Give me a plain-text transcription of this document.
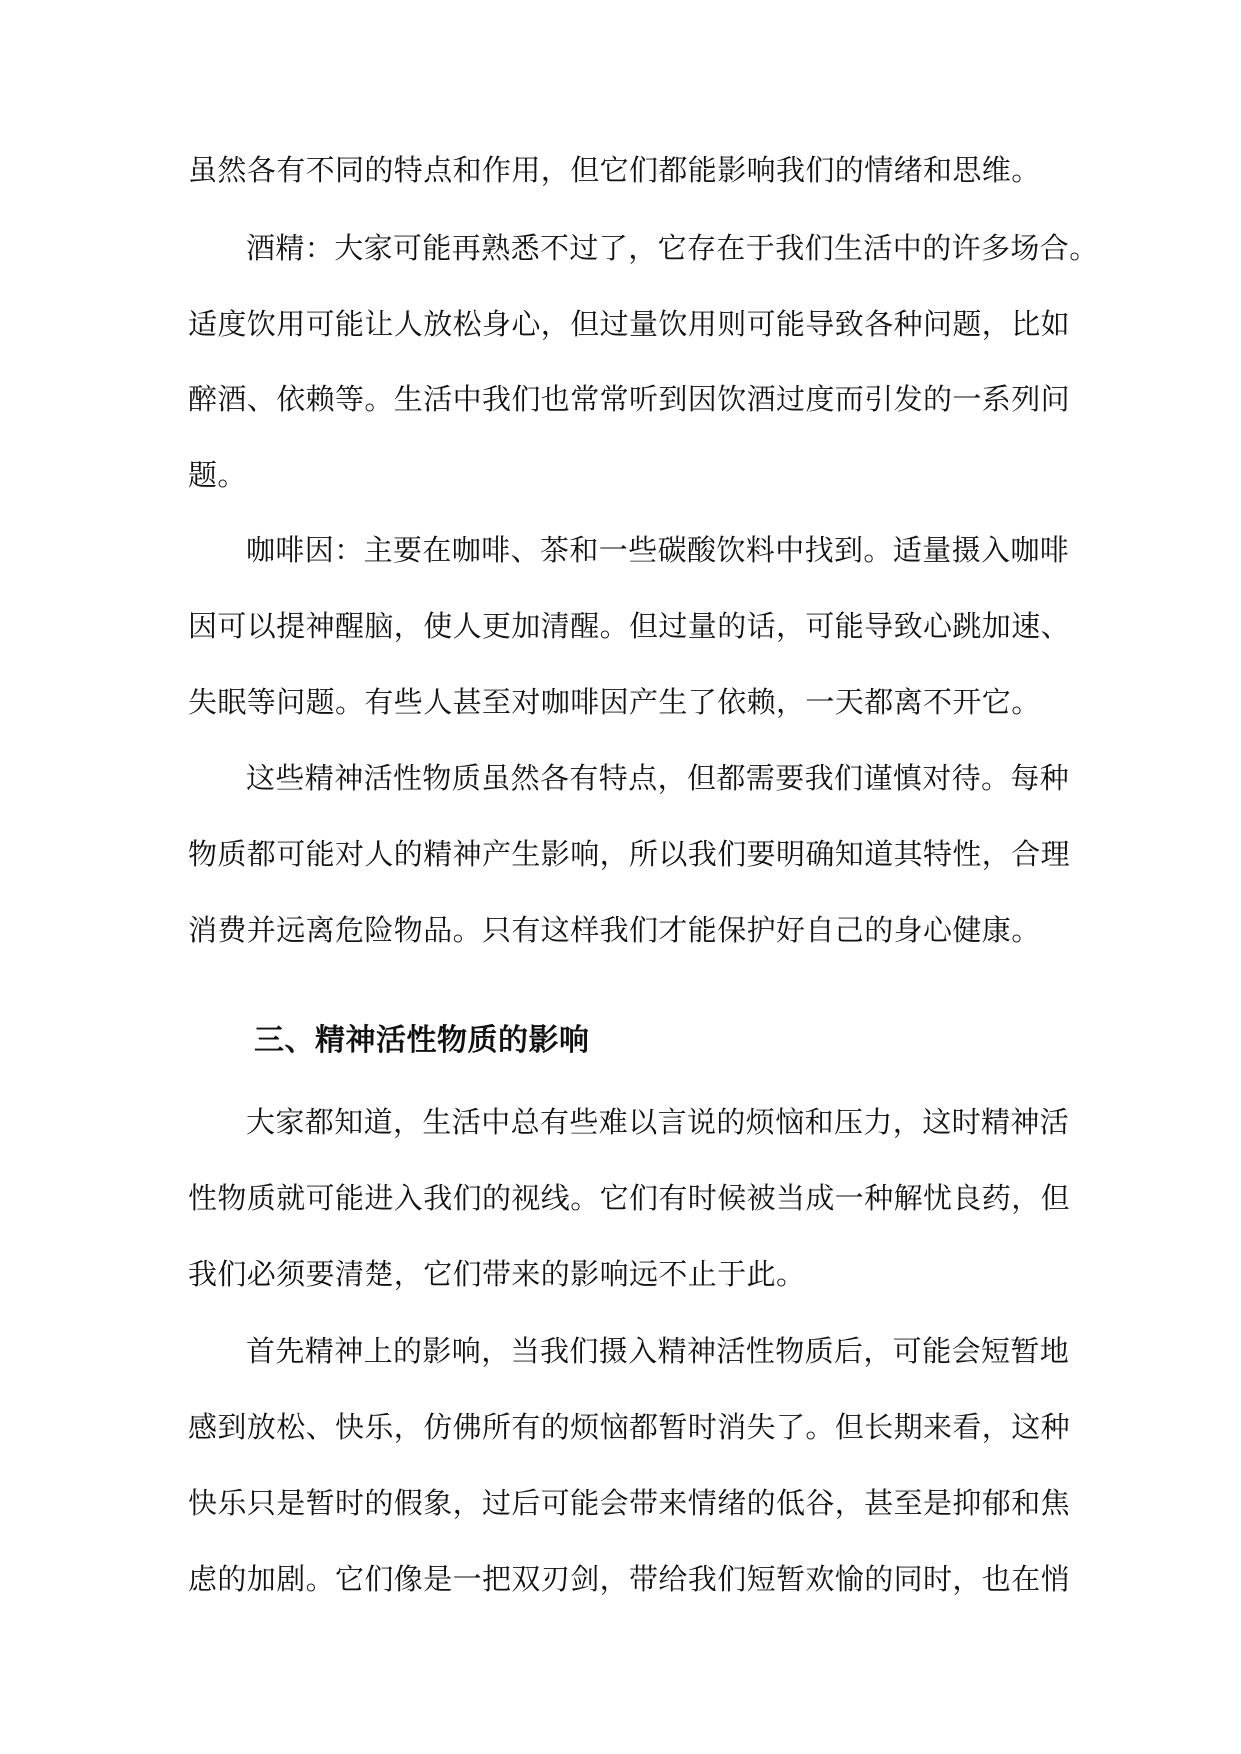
虽然各有不同的特点和作用，但它们都能影响我们的情绪和思维。
酒精：大家可能再熟悉不过了，它存在于我们生活中的许多场合。
适度饮用可能让人放松身心，但过量饮用则可能导致各种问题，比如
醉酒、依赖等。生活中我们也常常听到因饮酒过度而引发的一系列问
题。
咖啡因：主要在咖啡、茶和一些碳酸饮料中找到。适量摄入咖啡
因可以提神醒脑，使人更加清醒。但过量的话，可能导致心跳加速、
失眠等问题。有些人甚至对咖啡因产生了依赖，一天都离不开它。
这些精神活性物质虽然各有特点，但都需要我们谨慎对待。每种
物质都可能对人的精神产生影响，所以我们要明确知道其特性，合理
消费并远离危险物品。只有这样我们才能保护好自己的身心健康。
三、精神活性物质的影响
大家都知道，生活中总有些难以言说的烦恼和压力，这时精神活
性物质就可能进入我们的视线。它们有时候被当成一种解忧良药，但
我们必须要清楚，它们带来的影响远不止于此。
首先精神上的影响，当我们摄入精神活性物质后，可能会短暂地
感到放松、快乐，仿佛所有的烦恼都暂时消失了。但长期来看，这种
快乐只是暂时的假象，过后可能会带来情绪的低谷，甚至是抑郁和焦
虑的加剧。它们像是一把双刃剑，带给我们短暂欢愉的同时，也在悄
